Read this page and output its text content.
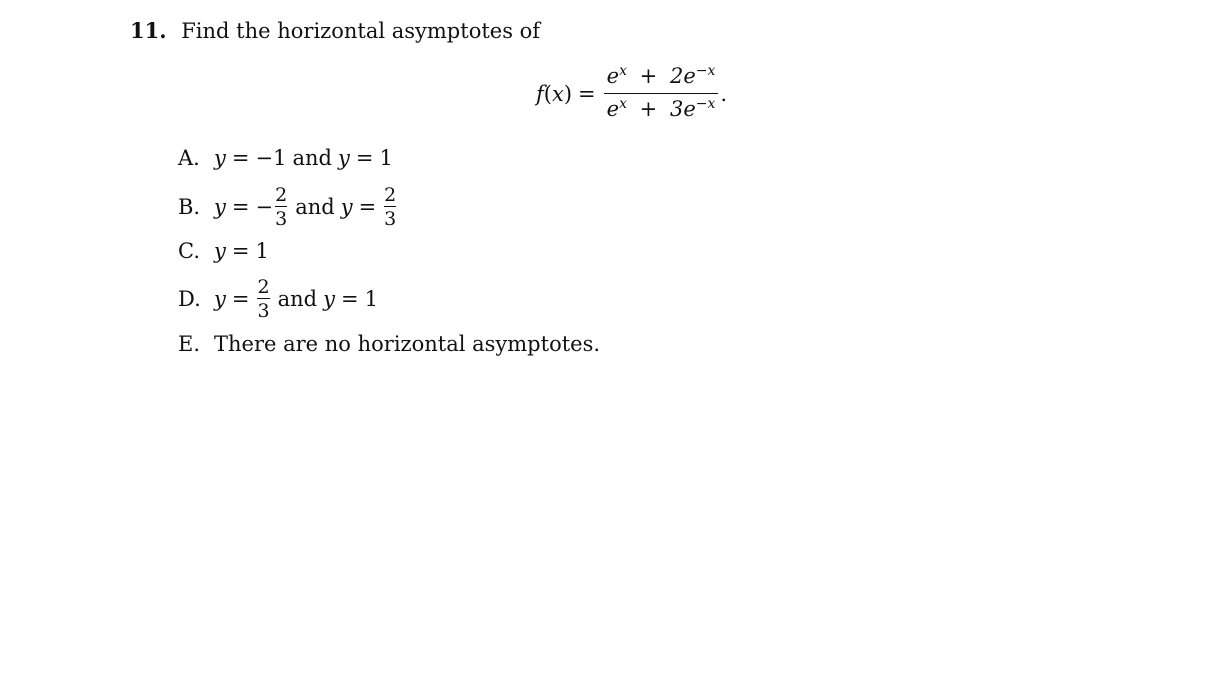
11. Find the horizontal asymptotes of
f ( x ) = $\frac{e^x + 2e^{-x}}{e^x + 3e^{-x}}$ .
A. y = −1 and y = 1
B. y = − 2
3 and y = 2
3
C. y = 1
D. y = 2
3 and y = 1
E. There are no horizontal asymptotes.
